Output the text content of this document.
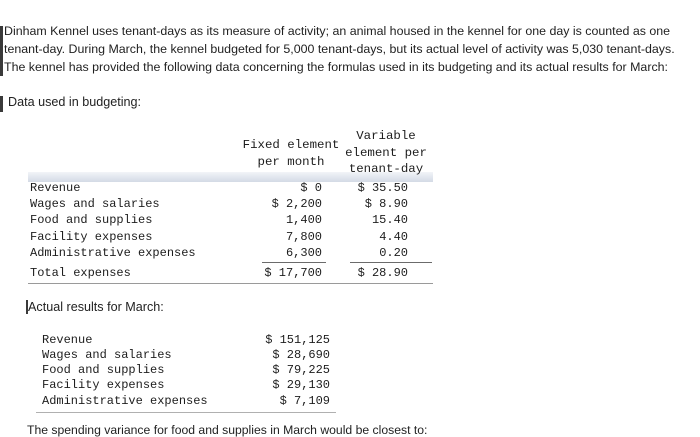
Dinham Kennel uses tenant-days as its measure of activity; an animal housed in the kennel for one day is counted as one tenant-day. During March, the kennel budgeted for 5,000 tenant-days, but its actual level of activity was 5,030 tenant-days. The kennel has provided the following data concerning the formulas used in its budgeting and its actual results for March:

Data used in budgeting:
Fixed element
per month
Variable
element per
tenant-day
Revenue	$ 0	$ 35.50
Wages and salaries	$ 2,200	$ 8.90
Food and supplies	1,400	15.40
Facility expenses	7,800	4.40
Administrative expenses	6,300	0.20
Total expenses	$ 17,700	$ 28.90
Actual results for March:
Revenue	$ 151,125
Wages and salaries	$ 28,690
Food and supplies	$ 79,225
Facility expenses	$ 29,130
Administrative expenses	$ 7,109
The spending variance for food and supplies in March would be closest to:
